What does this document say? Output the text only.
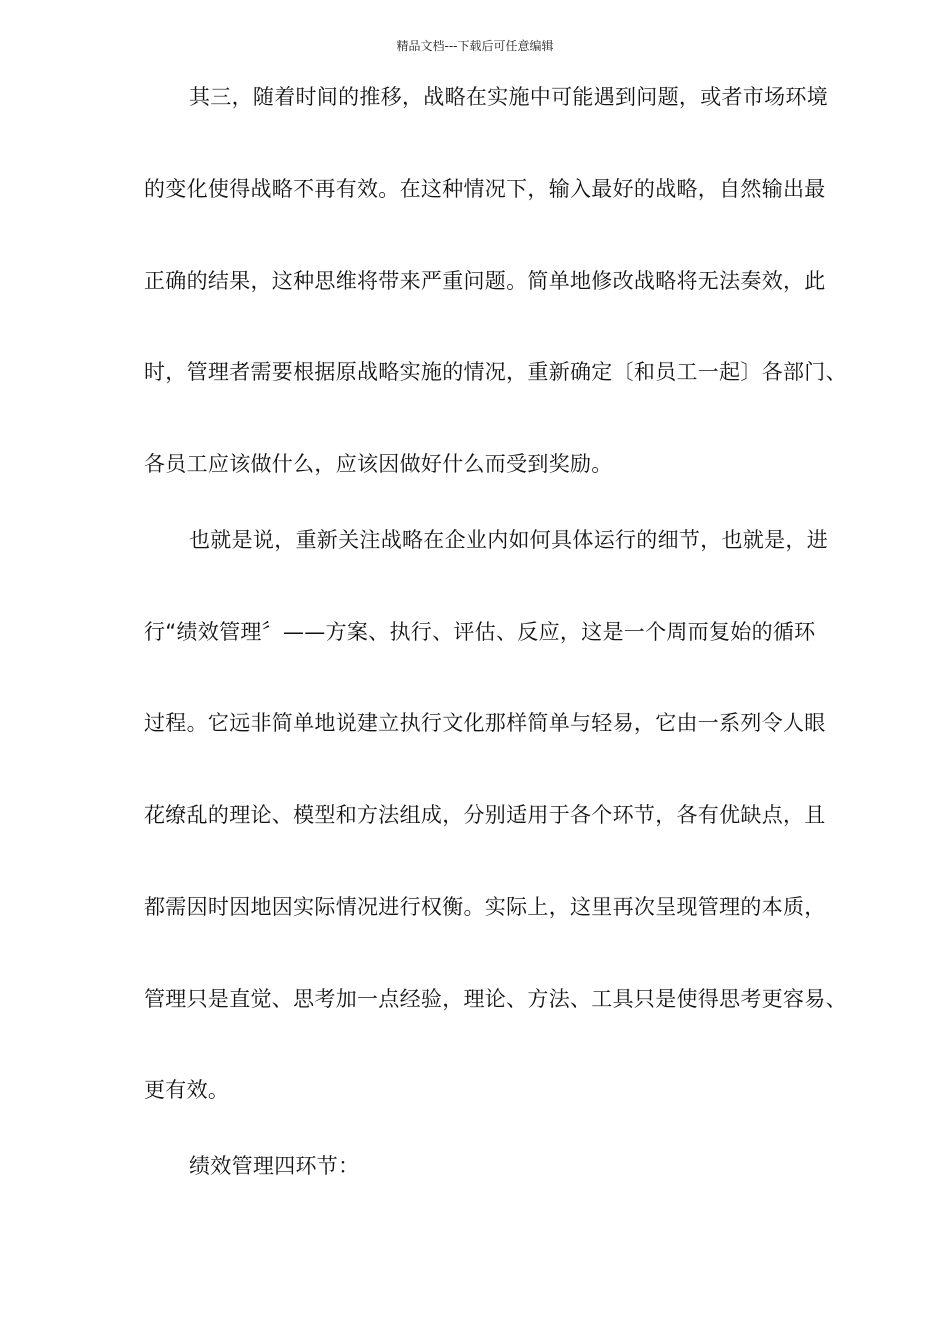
精品文档---下载后可任意编辑
其三，随着时间的推移，战略在实施中可能遇到问题，或者市场环境
的变化使得战略不再有效。在这种情况下，输入最好的战略，自然输出最
正确的结果，这种思维将带来严重问题。简单地修改战略将无法奏效，此
时，管理者需要根据原战略实施的情况，重新确定〔和员工一起〕各部门、
各员工应该做什么，应该因做好什么而受到奖励。
也就是说，重新关注战略在企业内如何具体运行的细节，也就是，进
行“绩效管理〞——方案、执行、评估、反应，这是一个周而复始的循环
过程。它远非简单地说建立执行文化那样简单与轻易，它由一系列令人眼
花缭乱的理论、模型和方法组成，分别适用于各个环节，各有优缺点，且
都需因时因地因实际情况进行权衡。实际上，这里再次呈现管理的本质，
管理只是直觉、思考加一点经验，理论、方法、工具只是使得思考更容易、
更有效。
绩效管理四环节：
